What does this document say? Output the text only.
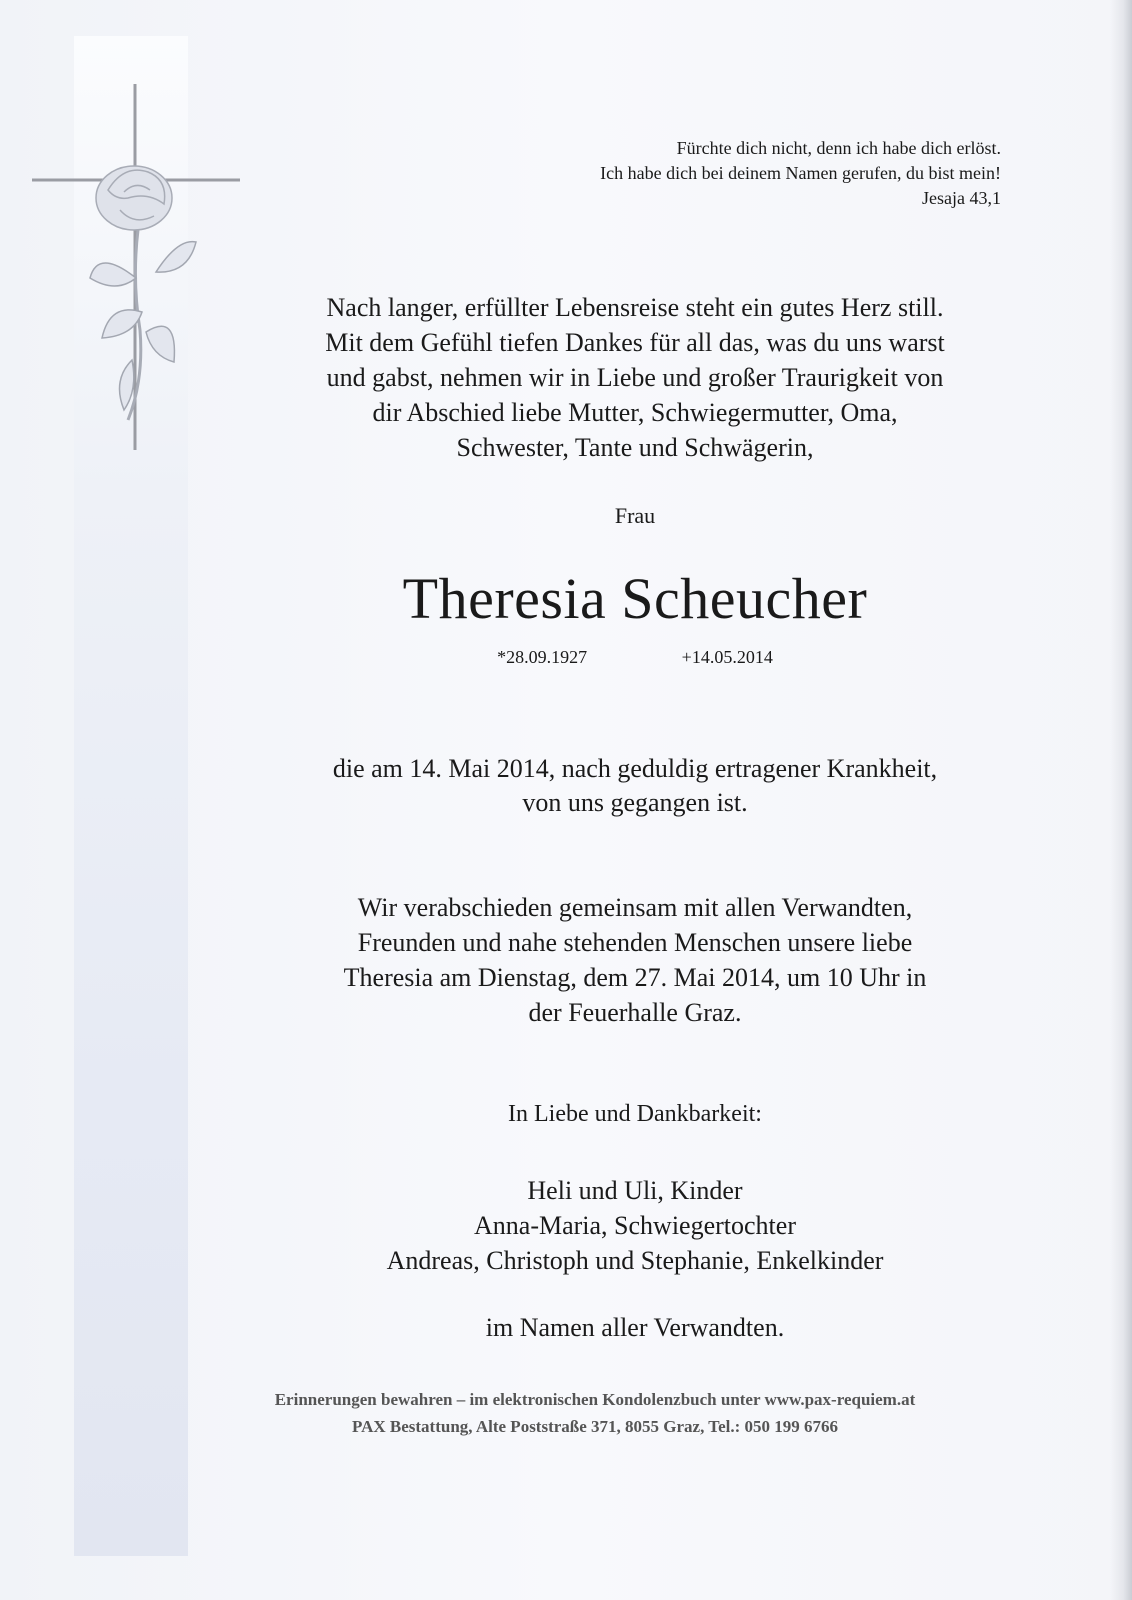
Fürchte dich nicht, denn ich habe dich erlöst.
Ich habe dich bei deinem Namen gerufen, du bist mein!
Jesaja 43,1
Nach langer, erfüllter Lebensreise steht ein gutes Herz still.
Mit dem Gefühl tiefen Dankes für all das, was du uns warst
und gabst, nehmen wir in Liebe und großer Traurigkeit von
dir Abschied liebe Mutter, Schwiegermutter, Oma,
Schwester, Tante und Schwägerin,
Frau
Theresia Scheucher
*28.09.1927	+14.05.2014
die am 14. Mai 2014, nach geduldig ertragener Krankheit,
von uns gegangen ist.
Wir verabschieden gemeinsam mit allen Verwandten,
Freunden und nahe stehenden Menschen unsere liebe
Theresia am Dienstag, dem 27. Mai 2014, um 10 Uhr in
der Feuerhalle Graz.
In Liebe und Dankbarkeit:
Heli und Uli, Kinder
Anna-Maria, Schwiegertochter
Andreas, Christoph und Stephanie, Enkelkinder
im Namen aller Verwandten.
Erinnerungen bewahren – im elektronischen Kondolenzbuch unter www.pax-requiem.at
PAX Bestattung, Alte Poststraße 371, 8055 Graz, Tel.: 050 199 6766
